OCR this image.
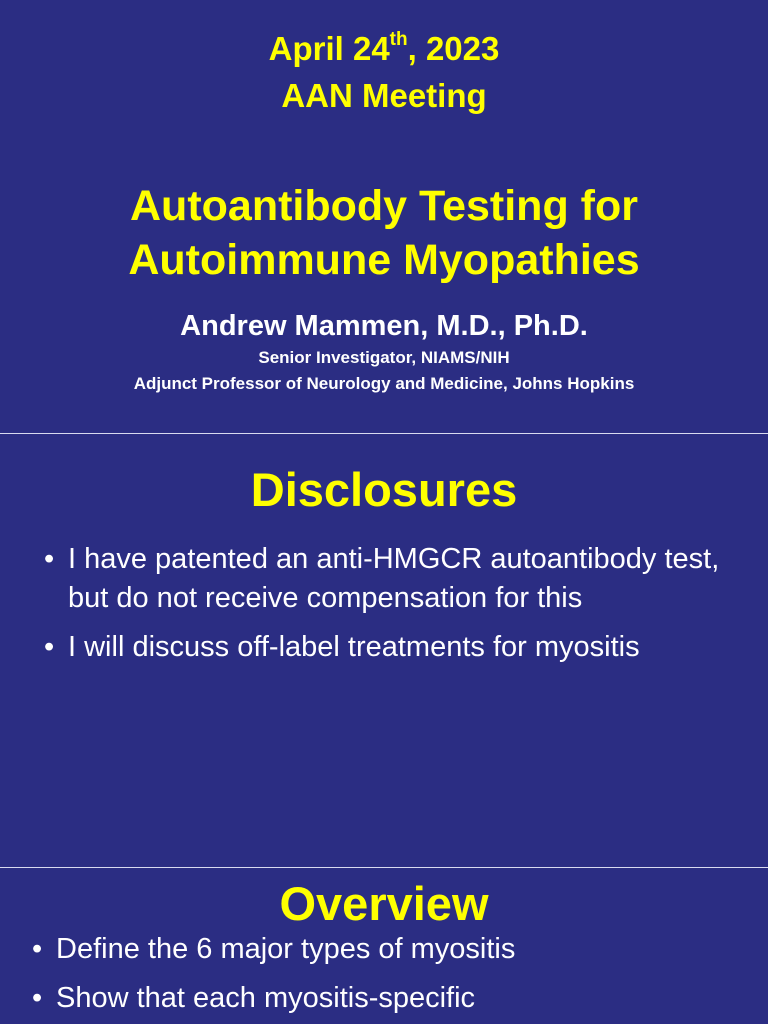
April 24th, 2023
AAN Meeting
Autoantibody Testing for
Autoimmune Myopathies
Andrew Mammen, M.D., Ph.D.
Senior Investigator, NIAMS/NIH
Adjunct Professor of Neurology and Medicine, Johns Hopkins
Disclosures
• I have patented an anti-HMGCR autoantibody test, but do not receive compensation for this
• I will discuss off-label treatments for myositis
Overview
• Define the 6 major types of myositis
• Show that each myositis-specific
